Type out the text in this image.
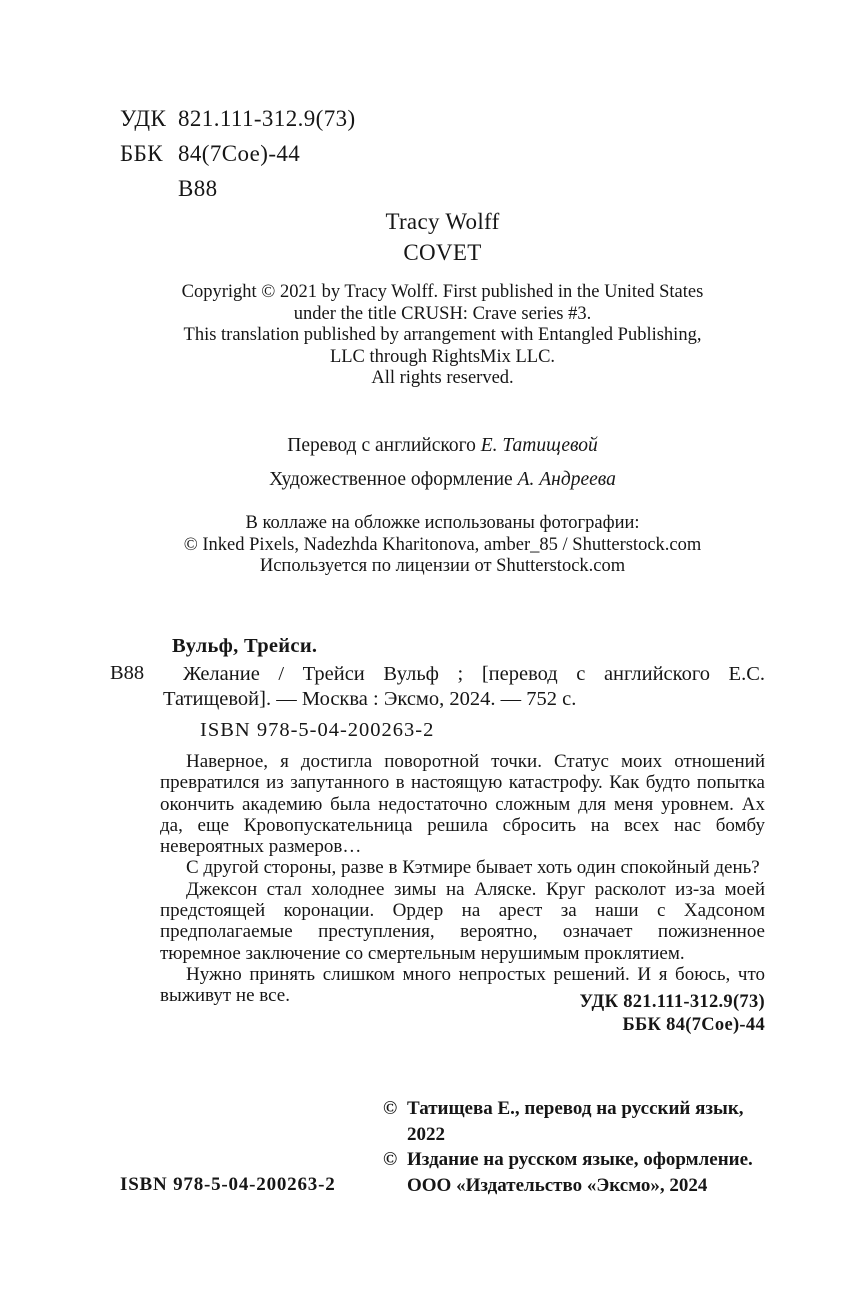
УДК 821.111-312.9(73)
ББК 84(7Сое)-44
В88
Tracy Wolff
COVET
Copyright © 2021 by Tracy Wolff. First published in the United States
under the title CRUSH: Crave series #3.
This translation published by arrangement with Entangled Publishing,
LLC through RightsMix LLC.
All rights reserved.
Перевод с английского Е. Татищевой
Художественное оформление А. Андреева
В коллаже на обложке использованы фотографии:
© Inked Pixels, Nadezhda Kharitonova, amber_85 / Shutterstock.com
Используется по лицензии от Shutterstock.com
Вульф, Трейси.
В88	Желание / Трейси Вульф ; [перевод с английского Е.С. Татищевой]. — Москва : Эксмо, 2024. — 752 с.
ISBN 978-5-04-200263-2

Наверное, я достигла поворотной точки. Статус моих отношений превратился из запутанного в настоящую катастрофу. Как будто попытка окончить академию была недостаточно сложным для меня уровнем. Ах да, еще Кровопускательница решила сбросить на всех нас бомбу невероятных размеров…

С другой стороны, разве в Кэтмире бывает хоть один спокойный день?

Джексон стал холоднее зимы на Аляске. Круг расколот из-за моей предстоящей коронации. Ордер на арест за наши с Хадсоном предполагаемые преступления, вероятно, означает пожизненное тюремное заключение со смертельным нерушимым проклятием.

Нужно принять слишком много непростых решений. И я боюсь, что выживут не все.	УДК 821.111-312.9(73)
ББК 84(7Сое)-44
ISBN 978-5-04-200263-2
© Татищева Е., перевод на русский язык, 2022
© Издание на русском языке, оформление.
ООО «Издательство «Эксмо», 2024
